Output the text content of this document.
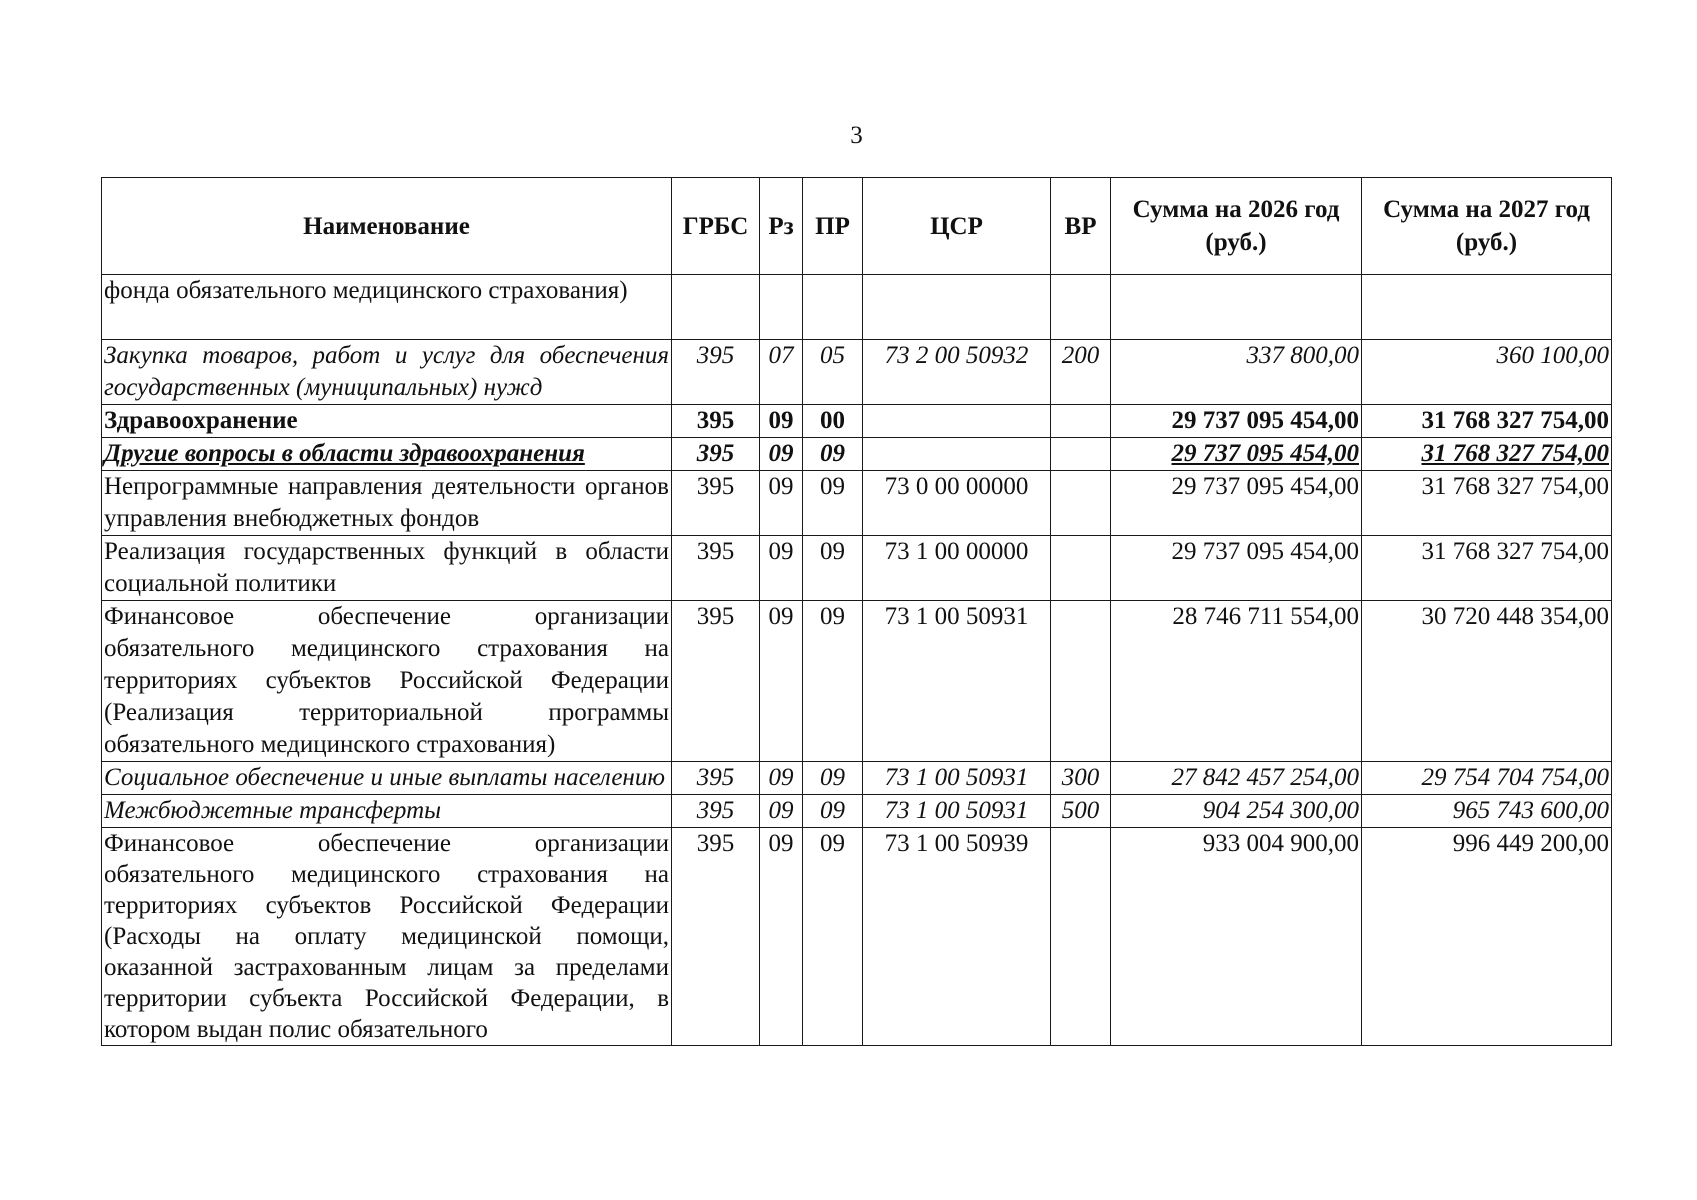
3
Наименование	ГРБС	Рз	ПР	ЦСР	ВР	Сумма на 2026 год (руб.)	Сумма на 2027 год (руб.)
фонда обязательного медицинского страхования)							
Закупка товаров, работ и услуг для обеспечения государственных (муниципальных) нужд	395	07	05	73 2 00 50932	200	337 800,00	360 100,00
Здравоохранение	395	09	00			29 737 095 454,00	31 768 327 754,00
Другие вопросы в области здравоохранения	395	09	09			29 737 095 454,00	31 768 327 754,00
Непрограммные направления деятельности органов управления внебюджетных фондов	395	09	09	73 0 00 00000		29 737 095 454,00	31 768 327 754,00
Реализация государственных функций в области социальной политики	395	09	09	73 1 00 00000		29 737 095 454,00	31 768 327 754,00
Финансовое обеспечение организации обязательного медицинского страхования на территориях субъектов Российской Федерации (Реализация территориальной программы обязательного медицинского страхования)	395	09	09	73 1 00 50931		28 746 711 554,00	30 720 448 354,00
Социальное обеспечение и иные выплаты населению	395	09	09	73 1 00 50931	300	27 842 457 254,00	29 754 704 754,00
Межбюджетные трансферты	395	09	09	73 1 00 50931	500	904 254 300,00	965 743 600,00
Финансовое обеспечение организации обязательного медицинского страхования на территориях субъектов Российской Федерации (Расходы на оплату медицинской помощи, оказанной застрахованным лицам за пределами территории субъекта Российской Федерации, в котором выдан полис обязательного	395	09	09	73 1 00 50939		933 004 900,00	996 449 200,00
